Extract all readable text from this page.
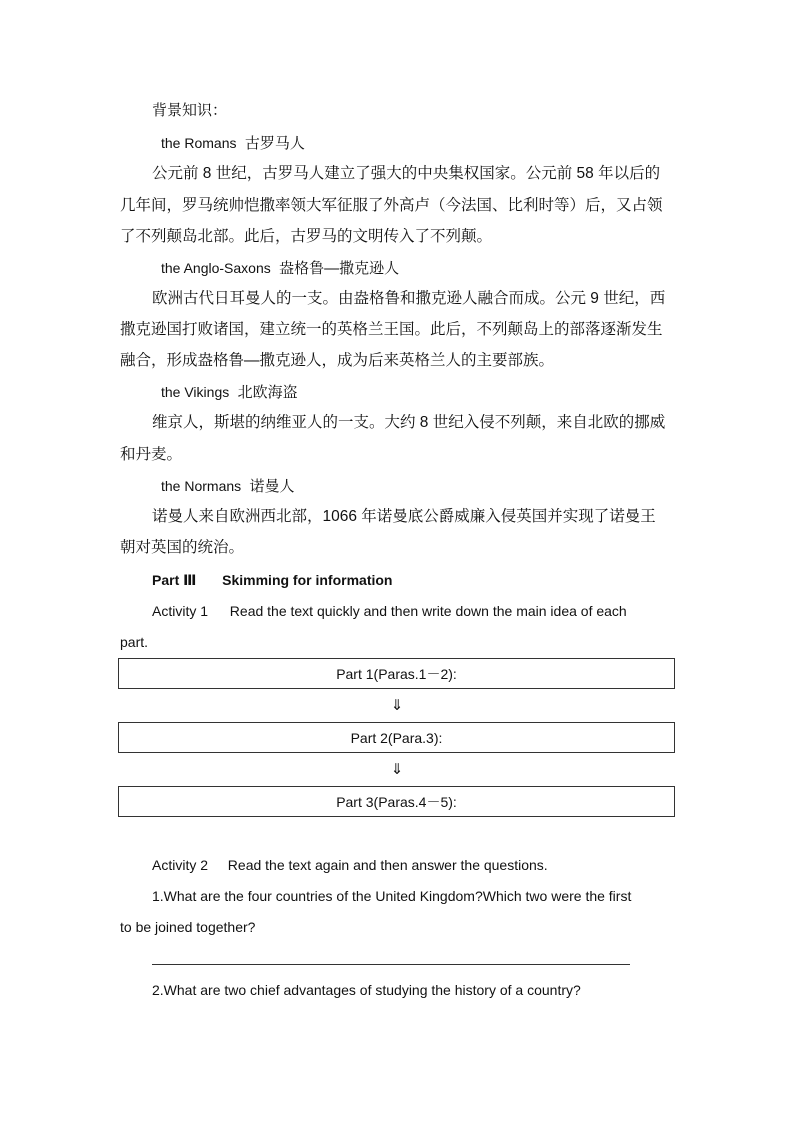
背景知识：
the Romans 古罗马人
公元前 8 世纪，古罗马人建立了强大的中央集权国家。公元前 58 年以后的
几年间，罗马统帅恺撒率领大军征服了外高卢（今法国、比利时等）后，又占领
了不列颠岛北部。此后，古罗马的文明传入了不列颠。
the Anglo-Saxons 盎格鲁—撒克逊人
欧洲古代日耳曼人的一支。由盎格鲁和撒克逊人融合而成。公元 9 世纪，西
撒克逊国打败诸国，建立统一的英格兰王国。此后，不列颠岛上的部落逐渐发生
融合，形成盎格鲁—撒克逊人，成为后来英格兰人的主要部族。
the Vikings 北欧海盗
维京人，斯堪的纳维亚人的一支。大约 8 世纪入侵不列颠，来自北欧的挪威
和丹麦。
the Normans 诺曼人
诺曼人来自欧洲西北部，1066 年诺曼底公爵威廉入侵英国并实现了诺曼王
朝对英国的统治。
Part Ⅲ Skimming for information
Activity 1 Read the text quickly and then write down the main idea of each
part.
Part 1(Paras.1－2):
⇓
Part 2(Para.3):
⇓
Part 3(Paras.4－5):
Activity 2 Read the text again and then answer the questions.
1.What are the four countries of the United Kingdom?Which two were the first
to be joined together?
2.What are two chief advantages of studying the history of a country?
